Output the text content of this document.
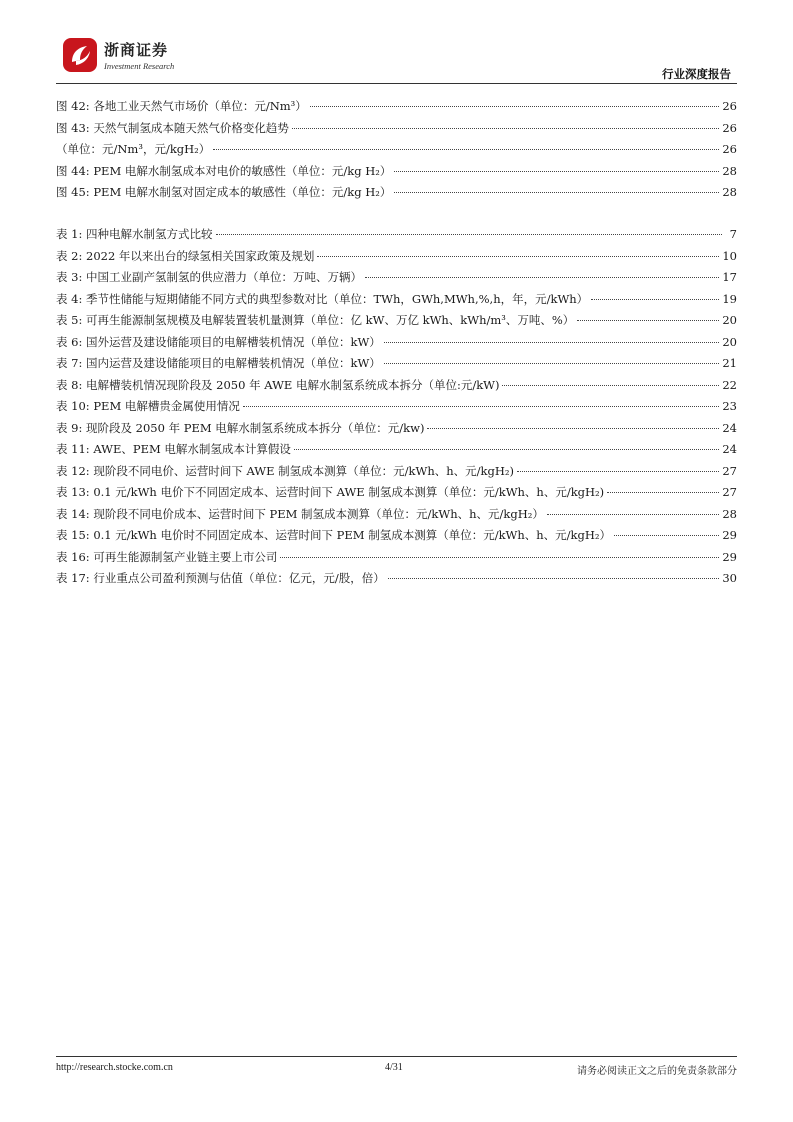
浙商证券
Investment Research
行业深度报告
图 42: 各地工业天然气市场价（单位：元/Nm³）	26
图 43: 天然气制氢成本随天然气价格变化趋势	26
（单位：元/Nm³，元/kgH₂）	26
图 44: PEM 电解水制氢成本对电价的敏感性（单位：元/kg H₂）	28
图 45: PEM 电解水制氢对固定成本的敏感性（单位：元/kg H₂）	28
表 1: 四种电解水制氢方式比较	7
表 2: 2022 年以来出台的绿氢相关国家政策及规划	10
表 3: 中国工业副产氢制氢的供应潜力（单位：万吨、万辆）	17
表 4: 季节性储能与短期储能不同方式的典型参数对比（单位：TWh，GWh,MWh,%,h，年，元/kWh）	19
表 5: 可再生能源制氢规模及电解装置装机量测算（单位：亿 kW、万亿 kWh、kWh/m³、万吨、%）	20
表 6: 国外运营及建设储能项目的电解槽装机情况（单位：kW）	20
表 7: 国内运营及建设储能项目的电解槽装机情况（单位：kW）	21
表 8: 电解槽装机情况现阶段及 2050 年 AWE 电解水制氢系统成本拆分（单位:元/kW)	22
表 10: PEM 电解槽贵金属使用情况	23
表 9: 现阶段及 2050 年 PEM 电解水制氢系统成本拆分（单位：元/kw)	24
表 11: AWE、PEM 电解水制氢成本计算假设	24
表 12: 现阶段不同电价、运营时间下 AWE 制氢成本测算（单位：元/kWh、h、元/kgH₂)	27
表 13: 0.1 元/kWh 电价下不同固定成本、运营时间下 AWE 制氢成本测算（单位：元/kWh、h、元/kgH₂)	27
表 14: 现阶段不同电价成本、运营时间下 PEM 制氢成本测算（单位：元/kWh、h、元/kgH₂）	28
表 15: 0.1 元/kWh 电价时不同固定成本、运营时间下 PEM 制氢成本测算（单位：元/kWh、h、元/kgH₂）	29
表 16: 可再生能源制氢产业链主要上市公司	29
表 17: 行业重点公司盈利预测与估值（单位：亿元，元/股，倍）	30
http://research.stocke.com.cn	4/31	请务必阅读正文之后的免责条款部分
